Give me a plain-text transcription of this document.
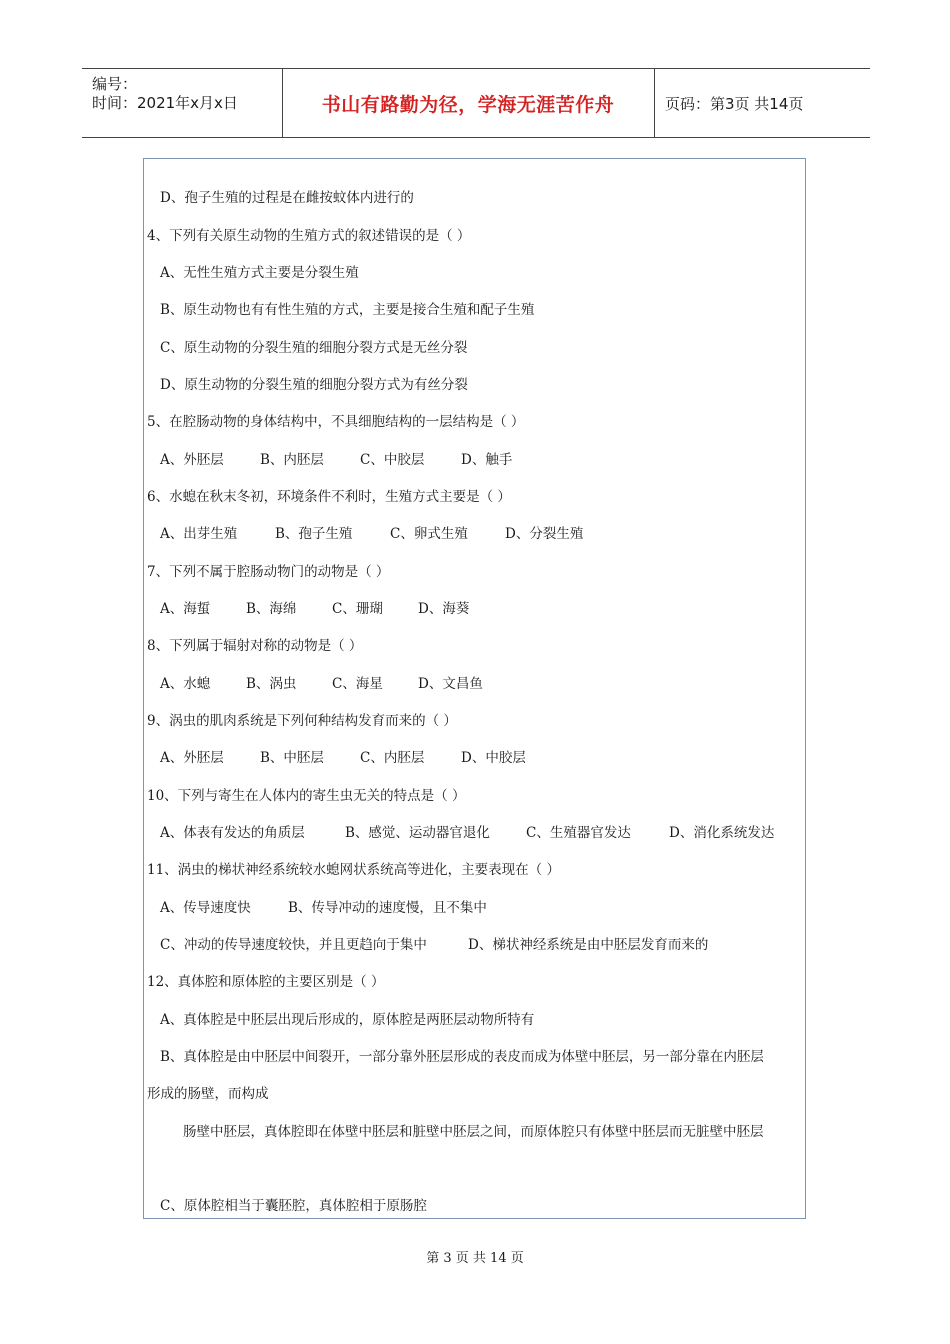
编号：
时间：2021年x月x日	书山有路勤为径，学海无涯苦作舟	页码：第3页 共14页
D、孢子生殖的过程是在雌按蚊体内进行的
4、下列有关原生动物的生殖方式的叙述错误的是（ ）
A、无性生殖方式主要是分裂生殖
B、原生动物也有有性生殖的方式，主要是接合生殖和配子生殖
C、原生动物的分裂生殖的细胞分裂方式是无丝分裂
D、原生动物的分裂生殖的细胞分裂方式为有丝分裂
5、在腔肠动物的身体结构中，不具细胞结构的一层结构是（ ）
A、外胚层	B、内胚层	C、中胶层	D、触手
6、水螅在秋末冬初，环境条件不利时，生殖方式主要是（ ）
A、出芽生殖	B、孢子生殖	C、卵式生殖	D、分裂生殖
7、下列不属于腔肠动物门的动物是（ ）
A、海蜇	B、海绵	C、珊瑚	D、海葵
8、下列属于辐射对称的动物是（ ）
A、水螅	B、涡虫	C、海星	D、文昌鱼
9、涡虫的肌肉系统是下列何种结构发育而来的（ ）
A、外胚层	B、中胚层	C、内胚层	D、中胶层
10、下列与寄生在人体内的寄生虫无关的特点是（ ）
A、体表有发达的角质层	B、感觉、运动器官退化	C、生殖器官发达	D、消化系统发达
11、涡虫的梯状神经系统较水螅网状系统高等进化，主要表现在（ ）
A、传导速度快	B、传导冲动的速度慢，且不集中
C、冲动的传导速度较快，并且更趋向于集中	D、梯状神经系统是由中胚层发育而来的
12、真体腔和原体腔的主要区别是（ ）
A、真体腔是中胚层出现后形成的，原体腔是两胚层动物所特有
B、真体腔是由中胚层中间裂开，一部分靠外胚层形成的表皮而成为体壁中胚层，另一部分靠在内胚层
形成的肠壁，而构成
肠壁中胚层，真体腔即在体壁中胚层和脏壁中胚层之间，而原体腔只有体壁中胚层而无脏壁中胚层
C、原体腔相当于囊胚腔，真体腔相于原肠腔
第 3 页 共 14 页
